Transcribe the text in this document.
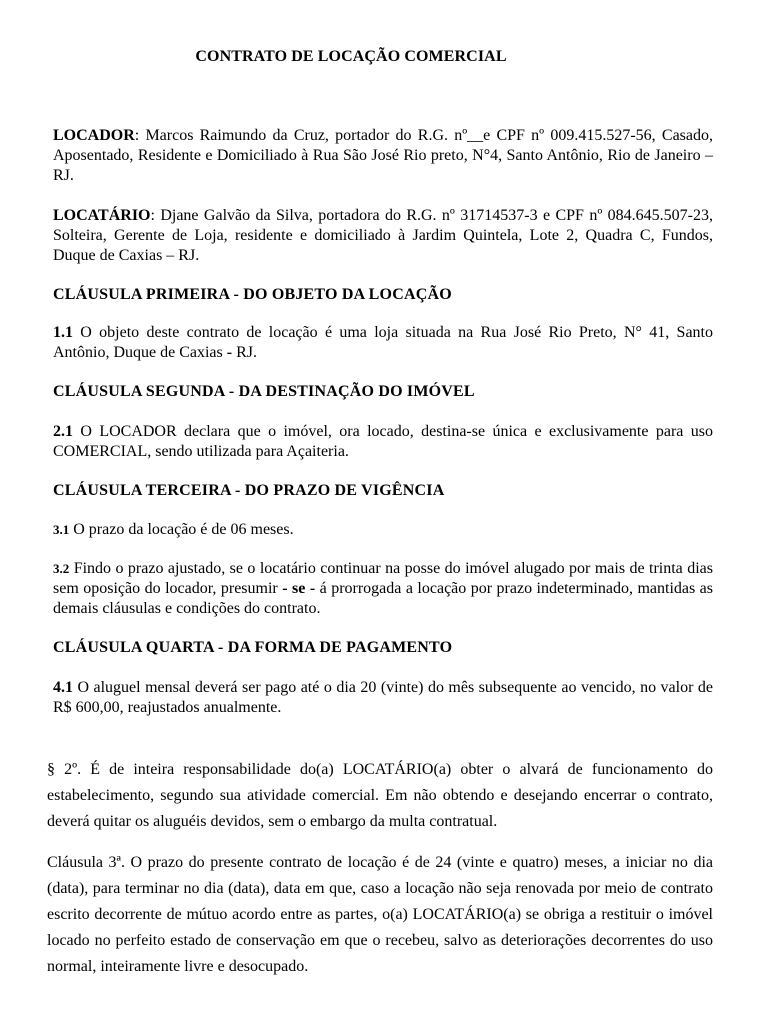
CONTRATO DE LOCAÇÃO COMERCIAL
LOCADOR: Marcos Raimundo da Cruz, portador do R.G. nº__e CPF nº 009.415.527-56, Casado, Aposentado, Residente e Domiciliado à Rua São José Rio preto, N°4, Santo Antônio, Rio de Janeiro – RJ.
LOCATÁRIO: Djane Galvão da Silva, portadora do R.G. nº 31714537-3 e CPF nº 084.645.507-23, Solteira, Gerente de Loja, residente e domiciliado à Jardim Quintela, Lote 2, Quadra C, Fundos, Duque de Caxias – RJ.
CLÁUSULA PRIMEIRA - DO OBJETO DA LOCAÇÃO
1.1 O objeto deste contrato de locação é uma loja situada na Rua José Rio Preto, N° 41, Santo Antônio, Duque de Caxias - RJ.
CLÁUSULA SEGUNDA - DA DESTINAÇÃO DO IMÓVEL
2.1 O LOCADOR declara que o imóvel, ora locado, destina-se única e exclusivamente para uso COMERCIAL, sendo utilizada para Açaiteria.
CLÁUSULA TERCEIRA - DO PRAZO DE VIGÊNCIA
3.1 O prazo da locação é de 06 meses.
3.2 Findo o prazo ajustado, se o locatário continuar na posse do imóvel alugado por mais de trinta dias sem oposição do locador, presumir - se - á prorrogada a locação por prazo indeterminado, mantidas as demais cláusulas e condições do contrato.
CLÁUSULA QUARTA - DA FORMA DE PAGAMENTO
4.1 O aluguel mensal deverá ser pago até o dia 20 (vinte) do mês subsequente ao vencido, no valor de R$ 600,00, reajustados anualmente.
§ 2º. É de inteira responsabilidade do(a) LOCATÁRIO(a) obter o alvará de funcionamento do estabelecimento, segundo sua atividade comercial. Em não obtendo e desejando encerrar o contrato, deverá quitar os aluguéis devidos, sem o embargo da multa contratual.
Cláusula 3ª. O prazo do presente contrato de locação é de 24 (vinte e quatro) meses, a iniciar no dia (data), para terminar no dia (data), data em que, caso a locação não seja renovada por meio de contrato escrito decorrente de mútuo acordo entre as partes, o(a) LOCATÁRIO(a) se obriga a restituir o imóvel locado no perfeito estado de conservação em que o recebeu, salvo as deteriorações decorrentes do uso normal, inteiramente livre e desocupado.
